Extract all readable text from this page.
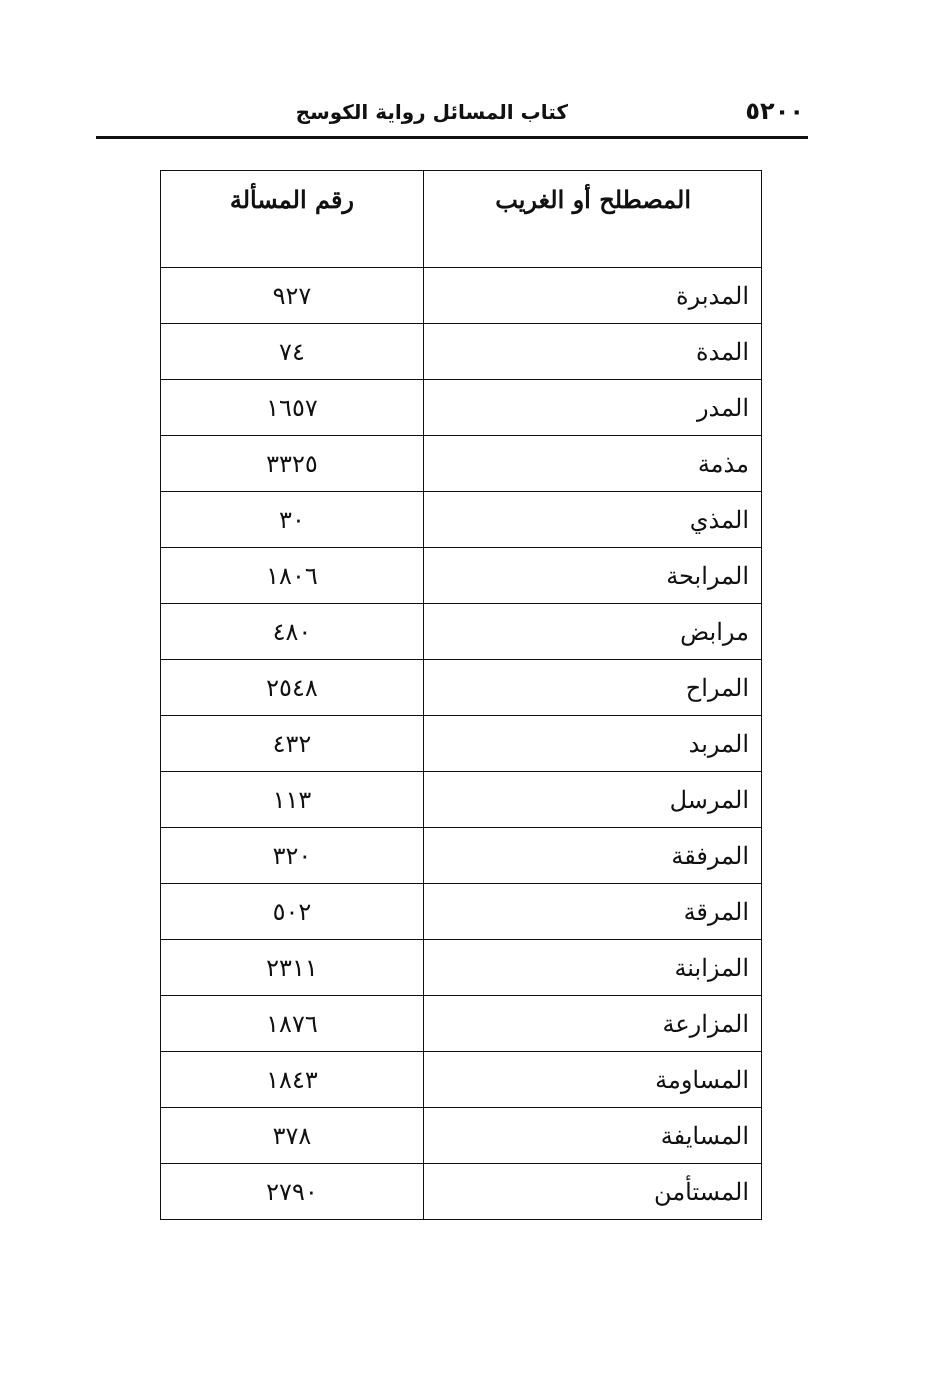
٥٢٠٠
كتاب المسائل رواية الكوسج
المصطلح أو الغريب	رقم المسألة
المدبرة	٩٢٧
المدة	٧٤
المدر	١٦٥٧
مذمة	٣٣٢٥
المذي	٣٠
المرابحة	١٨٠٦
مرابض	٤٨٠
المراح	٢٥٤٨
المربد	٤٣٢
المرسل	١١٣
المرفقة	٣٢٠
المرقة	٥٠٢
المزابنة	٢٣١١
المزارعة	١٨٧٦
المساومة	١٨٤٣
المسايفة	٣٧٨
المستأمن	٢٧٩٠
